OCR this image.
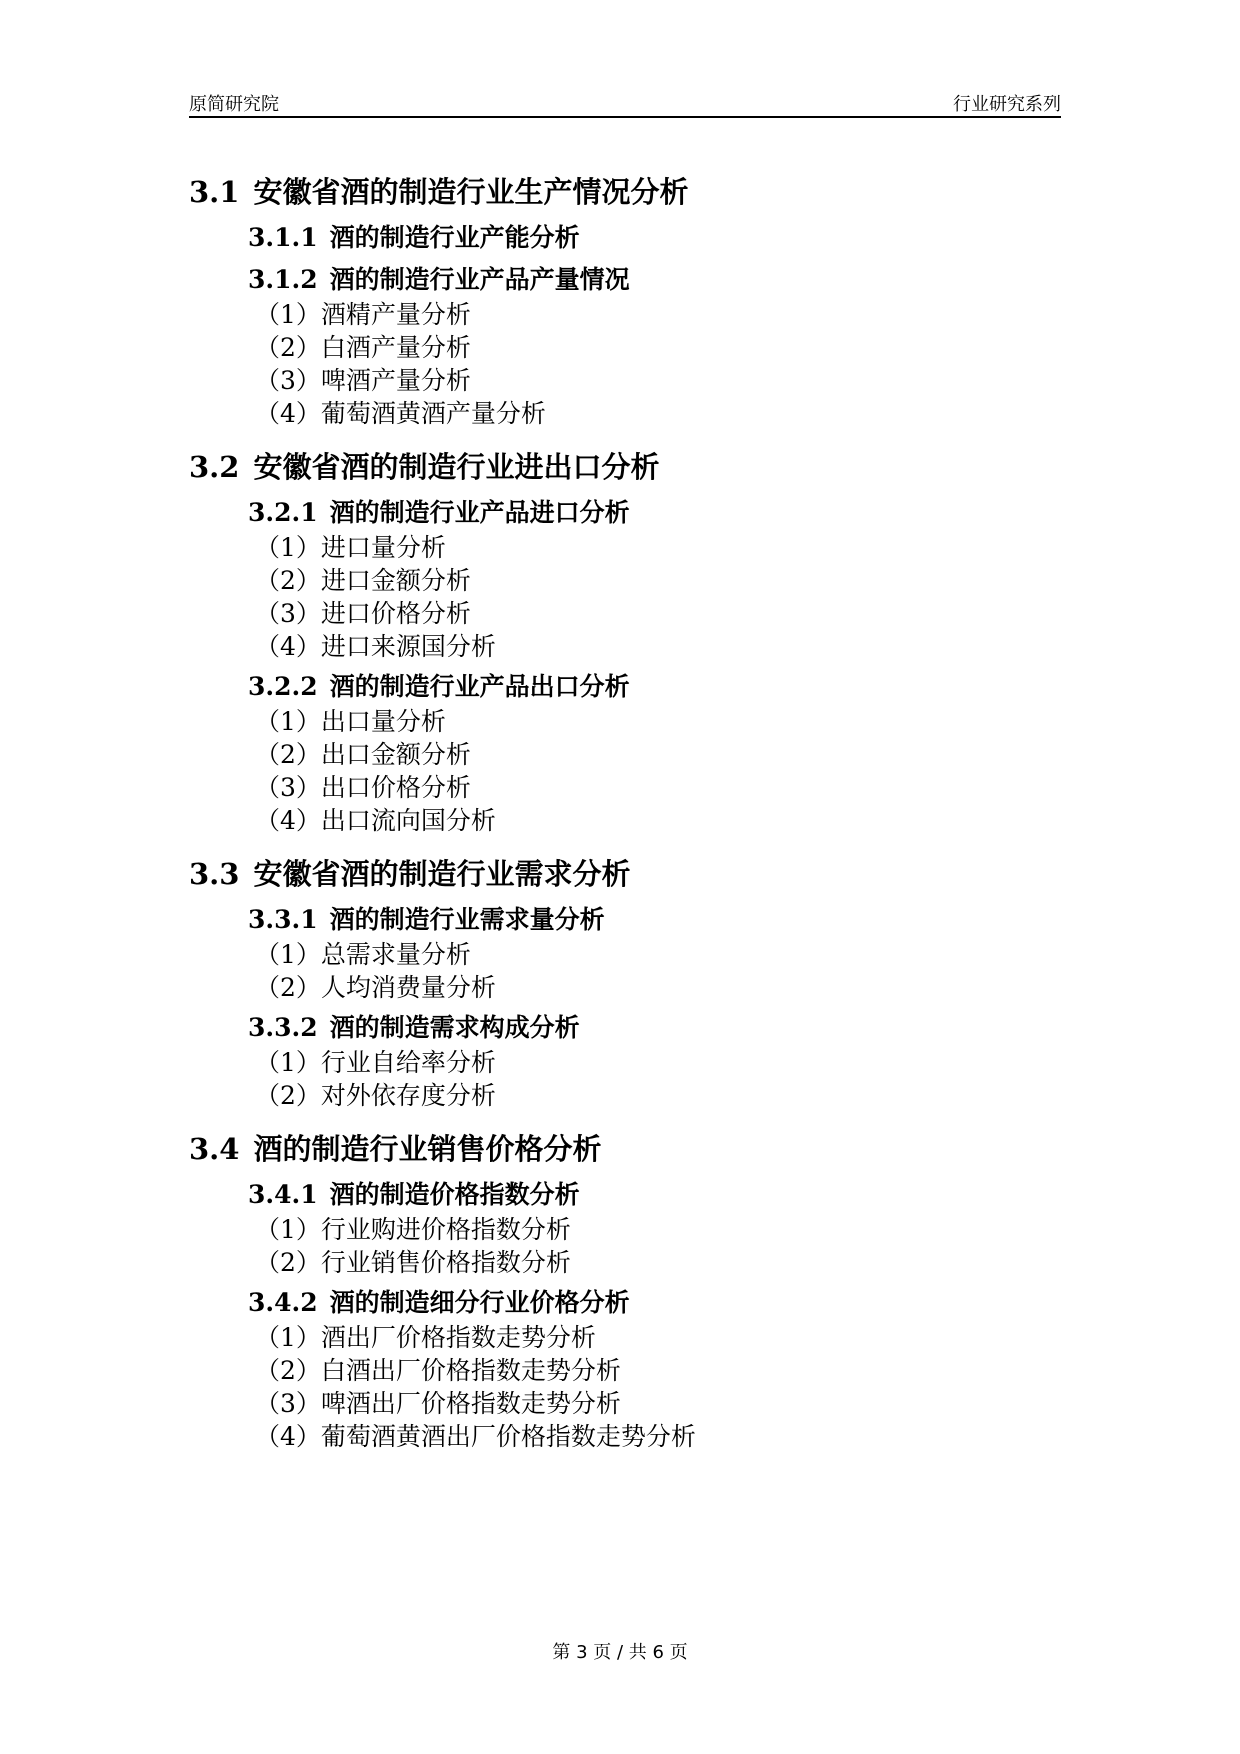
原简研究院	行业研究系列
3.1 安徽省酒的制造行业生产情况分析
3.1.1 酒的制造行业产能分析
3.1.2 酒的制造行业产品产量情况
（1）酒精产量分析
（2）白酒产量分析
（3）啤酒产量分析
（4）葡萄酒黄酒产量分析
3.2 安徽省酒的制造行业进出口分析
3.2.1 酒的制造行业产品进口分析
（1）进口量分析
（2）进口金额分析
（3）进口价格分析
（4）进口来源国分析
3.2.2 酒的制造行业产品出口分析
（1）出口量分析
（2）出口金额分析
（3）出口价格分析
（4）出口流向国分析
3.3 安徽省酒的制造行业需求分析
3.3.1 酒的制造行业需求量分析
（1）总需求量分析
（2）人均消费量分析
3.3.2 酒的制造需求构成分析
（1）行业自给率分析
（2）对外依存度分析
3.4 酒的制造行业销售价格分析
3.4.1 酒的制造价格指数分析
（1）行业购进价格指数分析
（2）行业销售价格指数分析
3.4.2 酒的制造细分行业价格分析
（1）酒出厂价格指数走势分析
（2）白酒出厂价格指数走势分析
（3）啤酒出厂价格指数走势分析
（4）葡萄酒黄酒出厂价格指数走势分析
第 3 页 / 共 6 页
